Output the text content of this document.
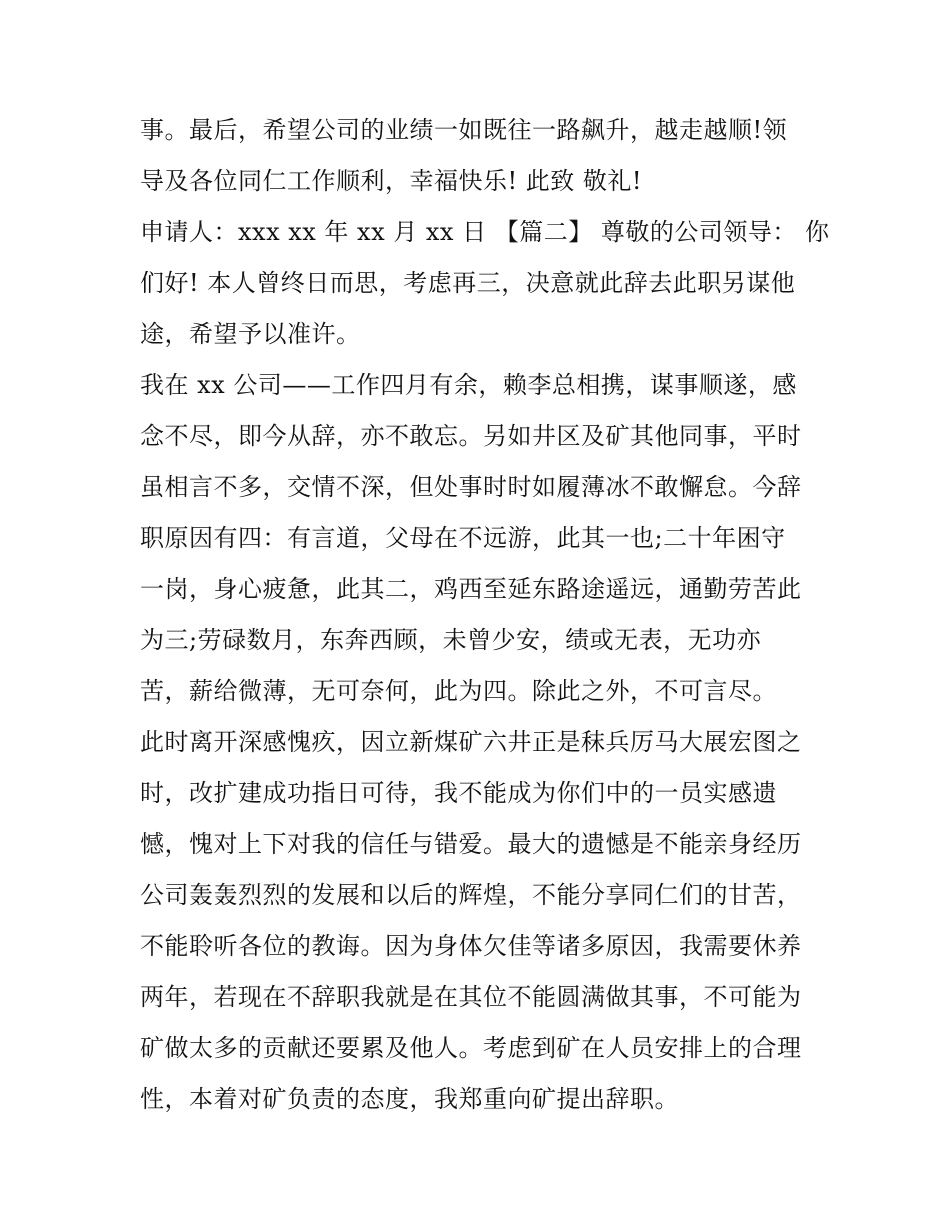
事。最后，希望公司的业绩一如既往一路飙升，越走越顺!领
导及各位同仁工作顺利，幸福快乐! 此致 敬礼!
申请人：xxx xx 年 xx 月 xx 日 【篇二】 尊敬的公司领导： 你
们好! 本人曾终日而思，考虑再三，决意就此辞去此职另谋他
途，希望予以准许。
我在 xx 公司——工作四月有余，赖李总相携，谋事顺遂，感
念不尽，即今从辞，亦不敢忘。另如井区及矿其他同事，平时
虽相言不多，交情不深，但处事时时如履薄冰不敢懈怠。今辞
职原因有四：有言道，父母在不远游，此其一也;二十年困守
一岗，身心疲惫，此其二，鸡西至延东路途遥远，通勤劳苦此
为三;劳碌数月，东奔西顾，未曾少安，绩或无表，无功亦
苦，薪给微薄，无可奈何，此为四。除此之外，不可言尽。
此时离开深感愧疚，因立新煤矿六井正是秣兵厉马大展宏图之
时，改扩建成功指日可待，我不能成为你们中的一员实感遗
憾，愧对上下对我的信任与错爱。最大的遗憾是不能亲身经历
公司轰轰烈烈的发展和以后的辉煌，不能分享同仁们的甘苦，
不能聆听各位的教诲。因为身体欠佳等诸多原因，我需要休养
两年，若现在不辞职我就是在其位不能圆满做其事，不可能为
矿做太多的贡献还要累及他人。考虑到矿在人员安排上的合理
性，本着对矿负责的态度，我郑重向矿提出辞职。
